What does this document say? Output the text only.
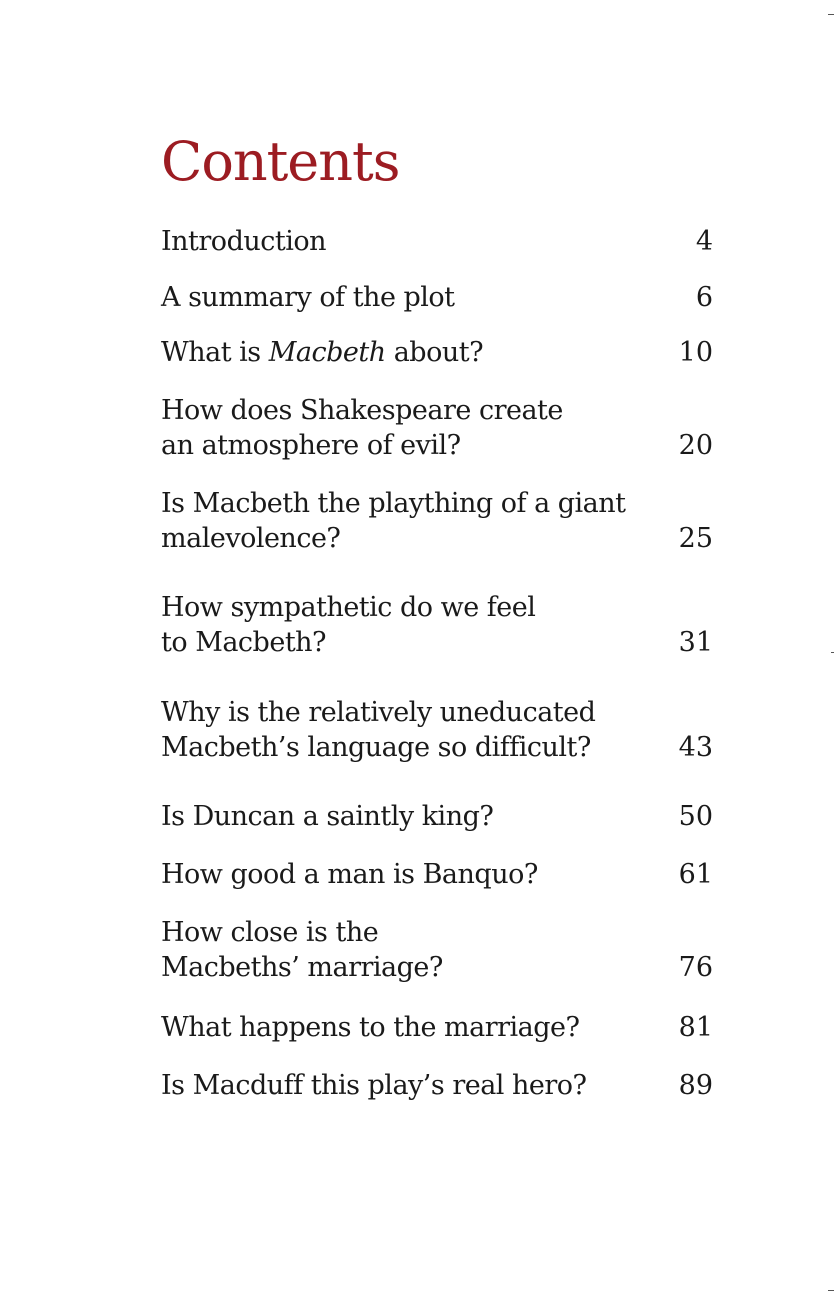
Contents
Introduction	4
A summary of the plot	6
What is Macbeth about?	10
How does Shakespeare create
an atmosphere of evil?	20
Is Macbeth the plaything of a giant
malevolence?	25
How sympathetic do we feel
to Macbeth?	31
Why is the relatively uneducated
Macbeth’s language so difficult?	43
Is Duncan a saintly king?	50
How good a man is Banquo?	61
How close is the
Macbeths’ marriage?	76
What happens to the marriage?	81
Is Macduff this play’s real hero?	89
